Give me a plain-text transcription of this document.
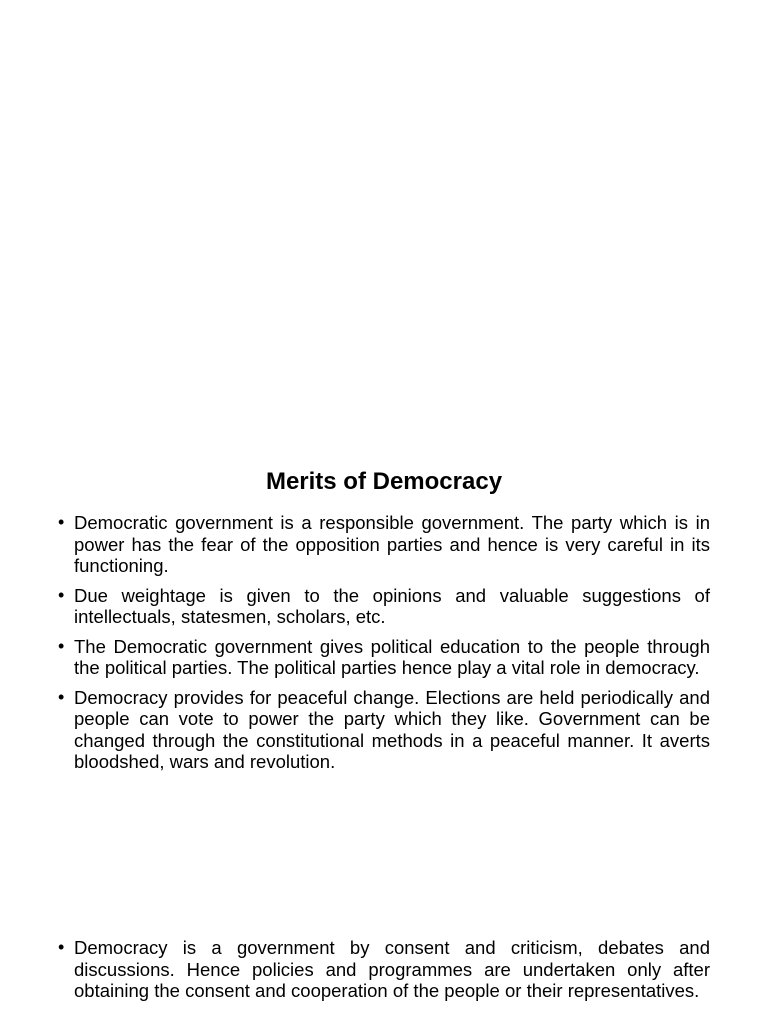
Merits of Democracy
• Democratic government is a responsible government. The party which is in power has the fear of the opposition parties and hence is very careful in its functioning.
• Due weightage is given to the opinions and valuable suggestions of intellectuals, statesmen, scholars, etc.
• The Democratic government gives political education to the people through the political parties. The political parties hence play a vital role in democracy.
• Democracy provides for peaceful change. Elections are held periodically and people can vote to power the party which they like. Government can be changed through the constitutional methods in a peaceful manner. It averts bloodshed, wars and revolution.
• Democracy is a government by consent and criticism, debates and discussions. Hence policies and programmes are undertaken only after obtaining the consent and cooperation of the people or their representatives.
